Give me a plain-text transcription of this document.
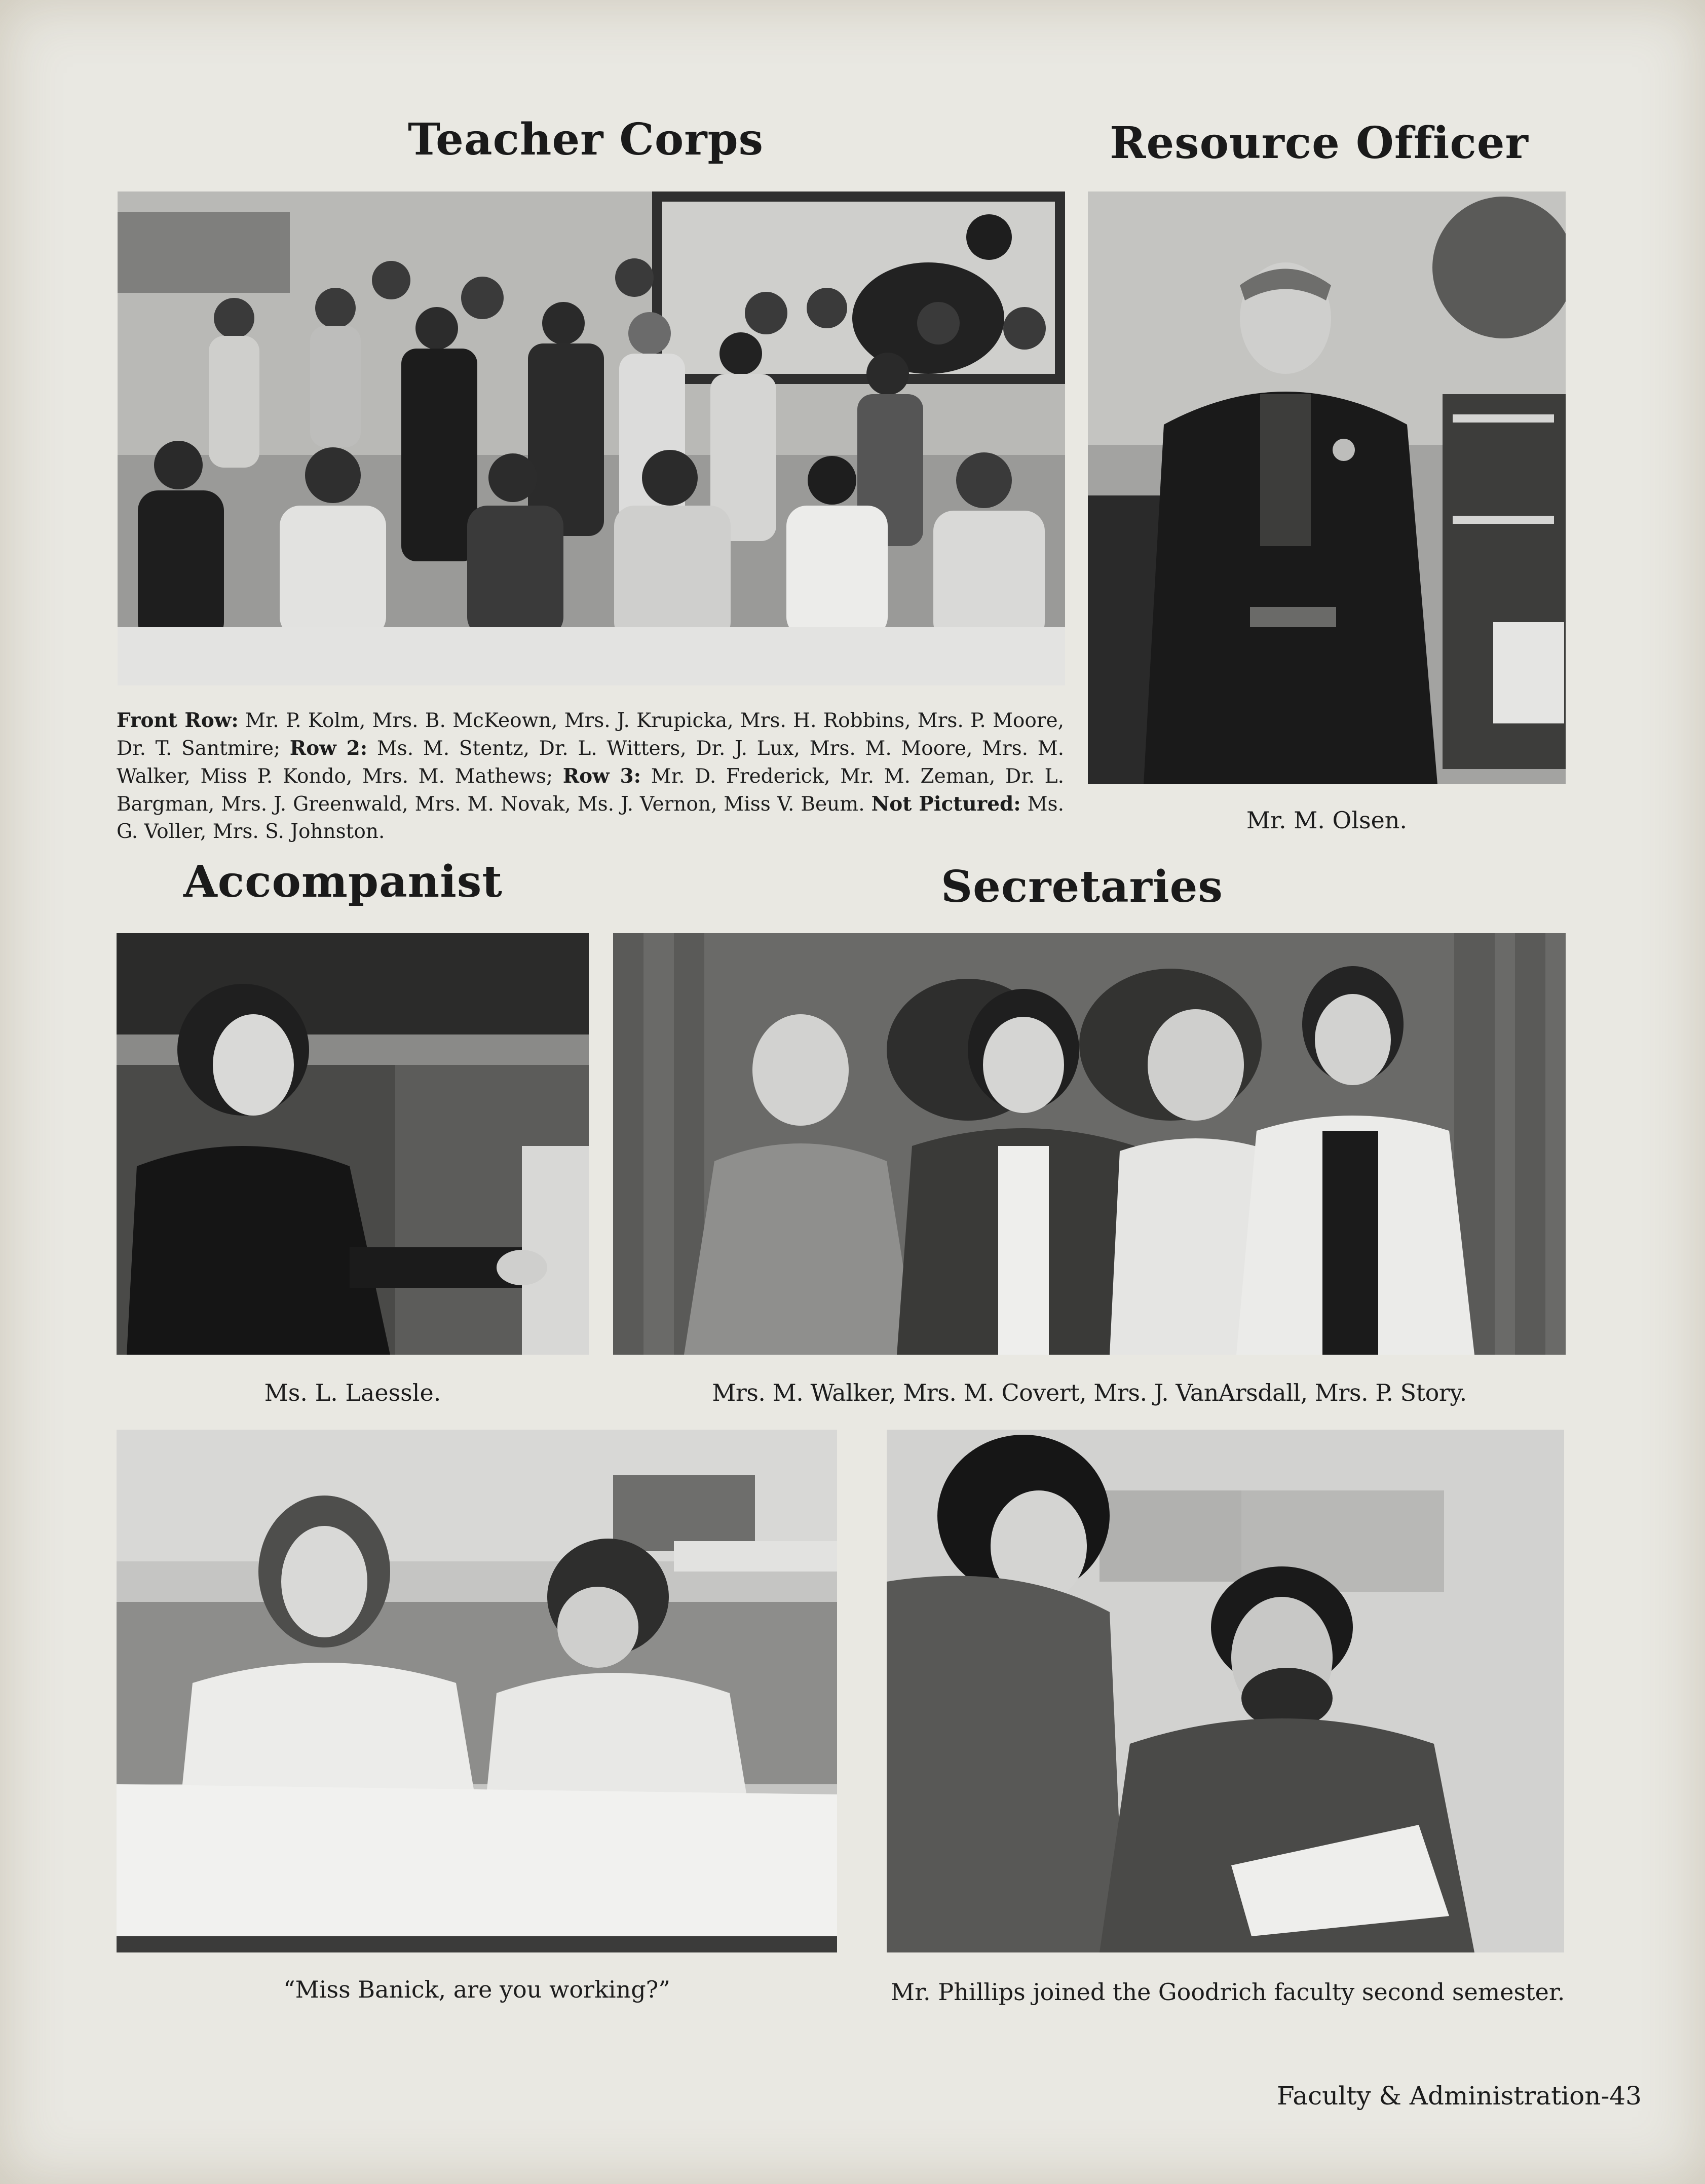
Teacher Corps	Resource Officer
Accompanist	Secretaries
Front Row: Mr. P. Kolm, Mrs. B. McKeown, Mrs. J. Krupicka, Mrs. H. Robbins, Mrs. P. Moore, Dr. T. Santmire; Row 2: Ms. M. Stentz, Dr. L. Witters, Dr. J. Lux, Mrs. M. Moore, Mrs. M. Walker, Miss P. Kondo, Mrs. M. Mathews; Row 3: Mr. D. Frederick, Mr. M. Zeman, Dr. L. Bargman, Mrs. J. Greenwald, Mrs. M. Novak, Ms. J. Vernon, Miss V. Beum. Not Pictured: Ms. G. Voller, Mrs. S. Johnston.	Mr. M. Olsen.
Ms. L. Laessle.	Mrs. M. Walker, Mrs. M. Covert, Mrs. J. VanArsdall, Mrs. P. Story.
“Miss Banick, are you working?”	Mr. Phillips joined the Goodrich faculty second semester.
Faculty & Administration-43
